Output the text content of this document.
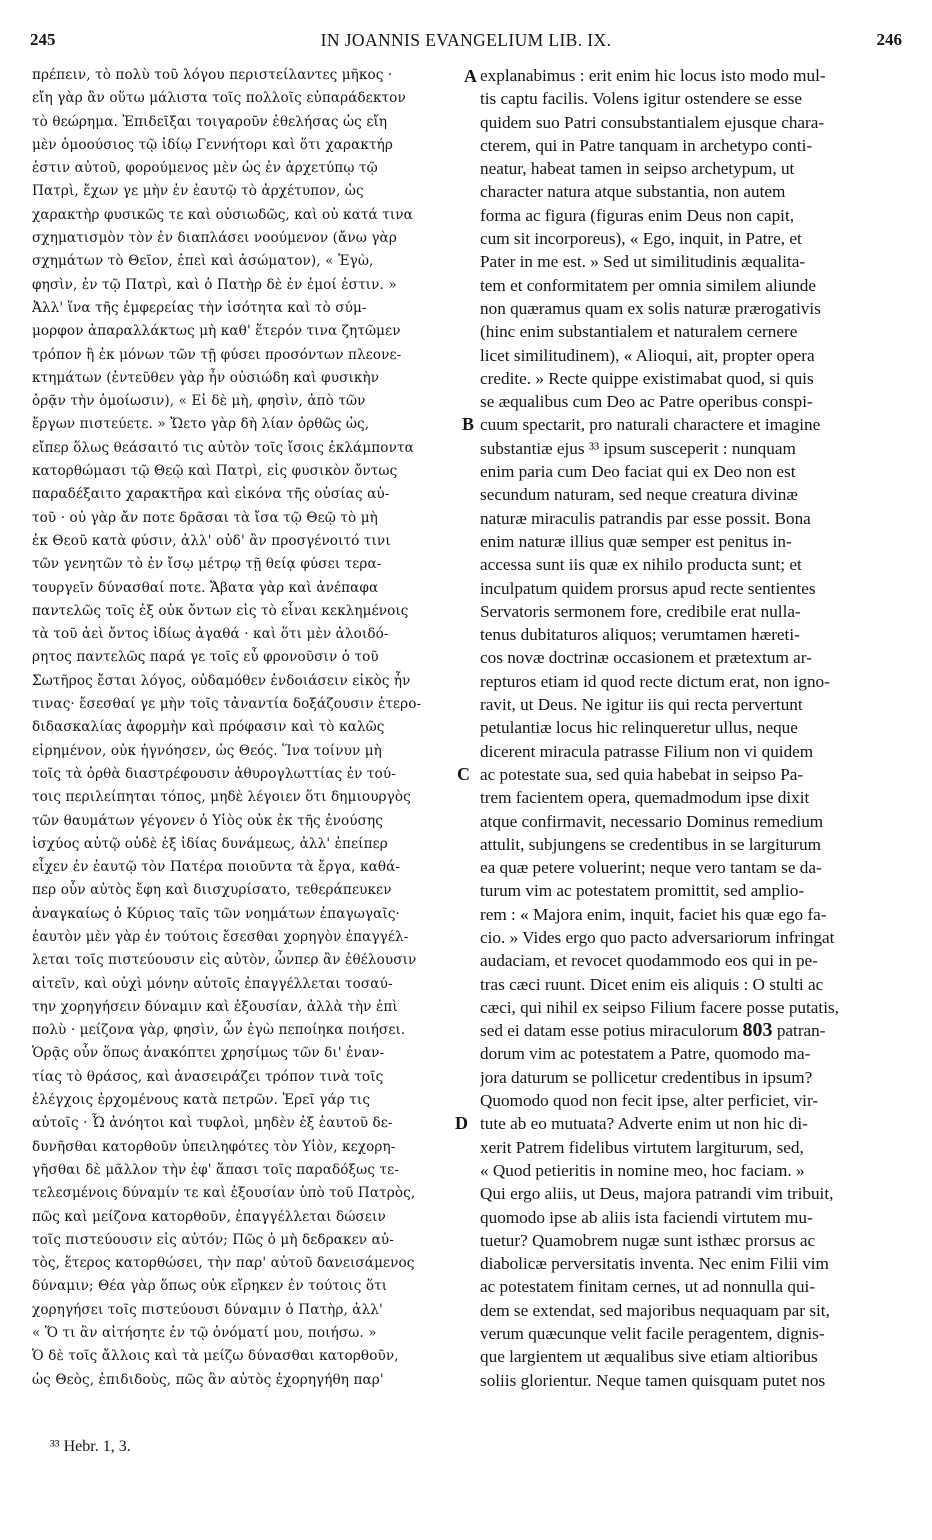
245	IN JOANNIS EVANGELIUM LIB. IX.	246
πρέπειν, τὸ πολὺ τοῦ λόγου περιστείλαντες μῆκος ·
εἴη γὰρ ἂν οὕτω μάλιστα τοῖς πολλοῖς εὐπαράδεκτον
τὸ θεώρημα. Ἐπιδεῖξαι τοιγαροῦν ἐθελήσας ὡς εἴη
μὲν ὁμοούσιος τῷ ἰδίῳ Γεννήτορι καὶ ὅτι χαρακτήρ
ἐστιν αὐτοῦ, φορούμενος μὲν ὡς ἐν ἀρχετύπῳ τῷ
Πατρὶ, ἔχων γε μὴν ἐν ἑαυτῷ τὸ ἀρχέτυπον, ὡς
χαρακτὴρ φυσικῶς τε καὶ οὐσιωδῶς, καὶ οὐ κατά τινα
σχηματισμὸν τὸν ἐν διαπλάσει νοούμενον (ἄνω γὰρ
σχημάτων τὸ Θεῖον, ἐπεὶ καὶ ἀσώματον), « Ἐγὼ,
φησὶν, ἐν τῷ Πατρὶ, καὶ ὁ Πατὴρ δὲ ἐν ἐμοί ἐστιν. »
Ἀλλ' ἵνα τῆς ἐμφερείας τὴν ἰσότητα καὶ τὸ σύμ-
μορφον ἀπαραλλάκτως μὴ καθ' ἕτερόν τινα ζητῶμεν
τρόπον ἢ ἐκ μόνων τῶν τῇ φύσει προσόντων πλεονε-
κτημάτων (ἐντεῦθεν γὰρ ἦν οὐσιώδη καὶ φυσικὴν
ὁρᾷν τὴν ὁμοίωσιν), « Εἰ δὲ μὴ, φησὶν, ἀπὸ τῶν
ἔργων πιστεύετε. » Ὤετο γὰρ δὴ λίαν ὀρθῶς ὡς,
εἴπερ ὅλως θεάσαιτό τις αὐτὸν τοῖς ἴσοις ἐκλάμποντα
κατορθώμασι τῷ Θεῷ καὶ Πατρὶ, εἰς φυσικὸν ὄντως
παραδέξαιτο χαρακτῆρα καὶ εἰκόνα τῆς οὐσίας αὐ-
τοῦ · οὐ γὰρ ἄν ποτε δρᾶσαι τὰ ἴσα τῷ Θεῷ τὸ μὴ
ἐκ Θεοῦ κατὰ φύσιν, ἀλλ' οὐδ' ἂν προσγένοιτό τινι
τῶν γενητῶν τὸ ἐν ἴσῳ μέτρῳ τῇ θείᾳ φύσει τερα-
τουργεῖν δύνασθαί ποτε. Ἄβατα γὰρ καὶ ἀνέπαφα
παντελῶς τοῖς ἐξ οὐκ ὄντων εἰς τὸ εἶναι κεκλημένοις
τὰ τοῦ ἀεὶ ὄντος ἰδίως ἀγαθά · καὶ ὅτι μὲν ἀλοιδό-
ρητος παντελῶς παρά γε τοῖς εὖ φρονοῦσιν ὁ τοῦ
Σωτῆρος ἔσται λόγος, οὐδαμόθεν ἐνδοιάσειν εἰκὸς ἦν
τινας· ἔσεσθαί γε μὴν τοῖς τἀναντία δοξάζουσιν ἑτερο-
διδασκαλίας ἀφορμὴν καὶ πρόφασιν καὶ τὸ καλῶς
εἰρημένον, οὐκ ἠγνόησεν, ὡς Θεός. Ἵνα τοίνυν μὴ
τοῖς τὰ ὀρθὰ διαστρέφουσιν ἀθυρογλωττίας ἐν τού-
τοις περιλείπηται τόπος, μηδὲ λέγοιεν ὅτι δημιουργὸς
τῶν θαυμάτων γέγονεν ὁ Υἱὸς οὐκ ἐκ τῆς ἐνούσης
ἰσχύος αὐτῷ οὐδὲ ἐξ ἰδίας δυνάμεως, ἀλλ' ἐπείπερ
εἶχεν ἐν ἑαυτῷ τὸν Πατέρα ποιοῦντα τὰ ἔργα, καθά-
περ οὖν αὐτὸς ἔφη καὶ διισχυρίσατο, τεθεράπευκεν
ἀναγκαίως ὁ Κύριος ταῖς τῶν νοημάτων ἐπαγωγαῖς·
ἑαυτὸν μὲν γὰρ ἐν τούτοις ἔσεσθαι χορηγὸν ἐπαγγέλ-
λεται τοῖς πιστεύουσιν εἰς αὐτὸν, ὧνπερ ἂν ἐθέλουσιν
αἰτεῖν, καὶ οὐχὶ μόνην αὐτοῖς ἐπαγγέλλεται τοσαύ-
την χορηγήσειν δύναμιν καὶ ἐξουσίαν, ἀλλὰ τὴν ἐπὶ
πολὺ · μείζονα γὰρ, φησὶν, ὧν ἐγὼ πεποίηκα ποιήσει.
Ὁρᾷς οὖν ὅπως ἀνακόπτει χρησίμως τῶν δι' ἐναν-
τίας τὸ θράσος, καὶ ἀνασειράζει τρόπον τινὰ τοῖς
ἐλέγχοις ἐρχομένους κατὰ πετρῶν. Ἐρεῖ γάρ τις
αὐτοῖς · Ὦ ἀνόητοι καὶ τυφλοὶ, μηδὲν ἐξ ἑαυτοῦ δε-
δυνῆσθαι κατορθοῦν ὑπειληφότες τὸν Υἱὸν, κεχορη-
γῆσθαι δὲ μᾶλλον τὴν ἐφ' ἅπασι τοῖς παραδόξως τε-
τελεσμένοις δύναμίν τε καὶ ἐξουσίαν ὑπὸ τοῦ Πατρὸς,
πῶς καὶ μείζονα κατορθοῦν, ἐπαγγέλλεται δώσειν
τοῖς πιστεύουσιν εἰς αὐτόν; Πῶς ὁ μὴ δεδρακεν αὐ-
τὸς, ἕτερος κατορθώσει, τὴν παρ' αὐτοῦ δανεισάμενος
δύναμιν; Θέα γὰρ ὅπως οὐκ εἴρηκεν ἐν τούτοις ὅτι
χορηγήσει τοῖς πιστεύουσι δύναμιν ὁ Πατὴρ, ἀλλ'
« Ὅ τι ἂν αἰτήσητε ἐν τῷ ὀνόματί μου, ποιήσω. »
Ὁ δὲ τοῖς ἄλλοις καὶ τὰ μείζω δύνασθαι κατορθοῦν,
ὡς Θεὸς, ἐπιδιδοὺς, πῶς ἂν αὐτὸς ἐχορηγήθη παρ'
explanabimus : erit enim hic locus isto modo mul-
tis captu facilis. Volens igitur ostendere se esse
quidem suo Patri consubstantialem ejusque chara-
cterem, qui in Patre tanquam in archetypo conti-
neatur, habeat tamen in seipso archetypum, ut
character natura atque substantia, non autem
forma ac figura (figuras enim Deus non capit,
cum sit incorporeus), « Ego, inquit, in Patre, et
Pater in me est. » Sed ut similitudinis æqualita-
tem et conformitatem per omnia similem aliunde
non quæramus quam ex solis naturæ prærogativis
(hinc enim substantialem et naturalem cernere
licet similitudinem), « Alioqui, ait, propter opera
credite. » Recte quippe existimabat quod, si quis
se æqualibus cum Deo ac Patre operibus conspi-
cuum spectarit, pro naturali charactere et imagine
substantiæ ejus ³³ ipsum susceperit : nunquam
enim paria cum Deo faciat qui ex Deo non est
secundum naturam, sed neque creatura divinæ
naturæ miraculis patrandis par esse possit. Bona
enim naturæ illius quæ semper est penitus in-
accessa sunt iis quæ ex nihilo producta sunt; et
inculpatum quidem prorsus apud recte sentientes
Servatoris sermonem fore, credibile erat nulla-
tenus dubitaturos aliquos; verumtamen hæreti-
cos novæ doctrinæ occasionem et prætextum ar-
repturos etiam id quod recte dictum erat, non igno-
ravit, ut Deus. Ne igitur iis qui recta pervertunt
petulantiæ locus hic relinqueretur ullus, neque
dicerent miracula patrasse Filium non vi quidem
ac potestate sua, sed quia habebat in seipso Pa-
trem facientem opera, quemadmodum ipse dixit
atque confirmavit, necessario Dominus remedium
attulit, subjungens se credentibus in se largiturum
ea quæ petere voluerint; neque vero tantam se da-
turum vim ac potestatem promittit, sed amplio-
rem : « Majora enim, inquit, faciet his quæ ego fa-
cio. » Vides ergo quo pacto adversariorum infringat
audaciam, et revocet quodammodo eos qui in pe-
tras cæci ruunt. Dicet enim eis aliquis : O stulti ac
cæci, qui nihil ex seipso Filium facere posse putatis,
sed ei datam esse potius miraculorum 803 patran-
dorum vim ac potestatem a Patre, quomodo ma-
jora daturum se pollicetur credentibus in ipsum?
Quomodo quod non fecit ipse, alter perficiet, vir-
tute ab eo mutuata? Adverte enim ut non hic di-
xerit Patrem fidelibus virtutem largiturum, sed,
« Quod petieritis in nomine meo, hoc faciam. »
Qui ergo aliis, ut Deus, majora patrandi vim tribuit,
quomodo ipse ab aliis ista faciendi virtutem mu-
tuetur? Quamobrem nugæ sunt isthæc prorsus ac
diabolicæ perversitatis inventa. Nec enim Filii vim
ac potestatem finitam cernes, ut ad nonnulla qui-
dem se extendat, sed majoribus nequaquam par sit,
verum quæcunque velit facile peragentem, dignis-
que largientem ut æqualibus sive etiam altioribus
soliis glorientur. Neque tamen quisquam putet nos
A
B
C
D
³³ Hebr. 1, 3.
